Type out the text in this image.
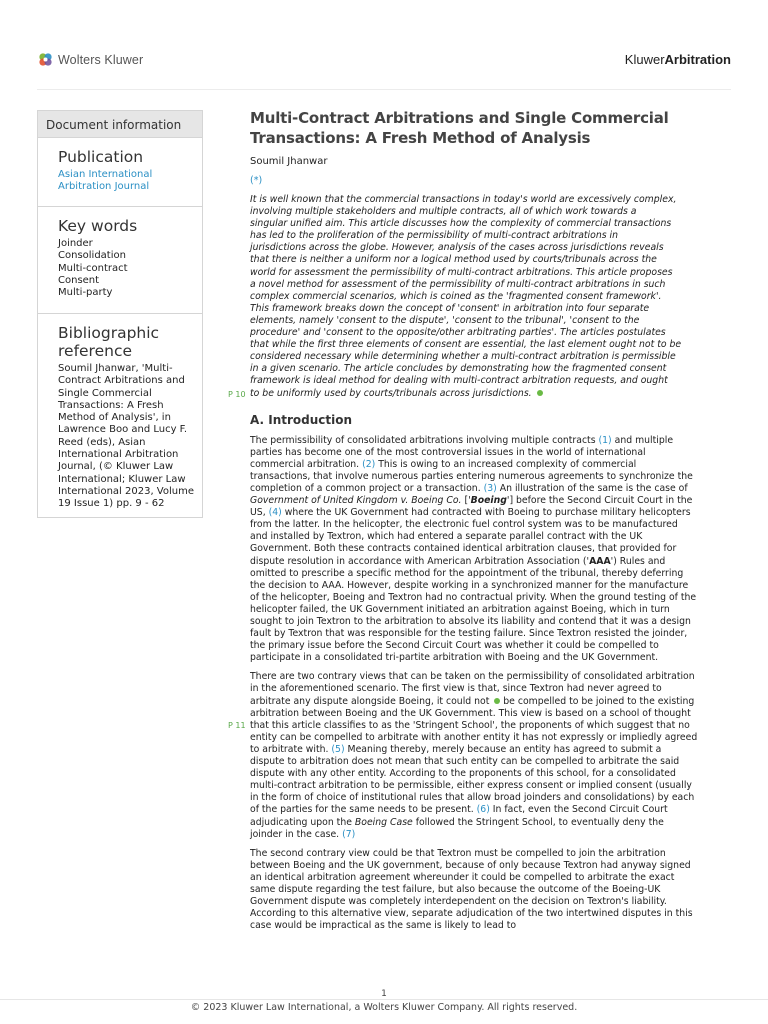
Wolters Kluwer	KluwerArbitration
Document information
Publication
Asian International
Arbitration Journal
Key words
Joinder
Consolidation
Multi-contract
Consent
Multi-party
Bibliographic
reference
Soumil Jhanwar, 'Multi-
Contract Arbitrations and
Single Commercial
Transactions: A Fresh
Method of Analysis', in
Lawrence Boo and Lucy F.
Reed (eds), Asian
International Arbitration
Journal, (© Kluwer Law
International; Kluwer Law
International 2023, Volume
19 Issue 1) pp. 9 - 62
P 10
P 11
Multi-Contract Arbitrations and Single Commercial
Transactions: A Fresh Method of Analysis
Soumil Jhanwar
(*)
It is well known that the commercial transactions in today's world are excessively complex,
involving multiple stakeholders and multiple contracts, all of which work towards a
singular unified aim. This article discusses how the complexity of commercial transactions
has led to the proliferation of the permissibility of multi-contract arbitrations in
jurisdictions across the globe. However, analysis of the cases across jurisdictions reveals
that there is neither a uniform nor a logical method used by courts/tribunals across the
world for assessment the permissibility of multi-contract arbitrations. This article proposes
a novel method for assessment of the permissibility of multi-contract arbitrations in such
complex commercial scenarios, which is coined as the 'fragmented consent framework'.
This framework breaks down the concept of 'consent' in arbitration into four separate
elements, namely 'consent to the dispute', 'consent to the tribunal', 'consent to the
procedure' and 'consent to the opposite/other arbitrating parties'. The articles postulates
that while the first three elements of consent are essential, the last element ought not to be
considered necessary while determining whether a multi-contract arbitration is permissible
in a given scenario. The article concludes by demonstrating how the fragmented consent
framework is ideal method for dealing with multi-contract arbitration requests, and ought
to be uniformly used by courts/tribunals across jurisdictions.
A. Introduction

The permissibility of consolidated arbitrations involving multiple contracts (1) and multiple parties has become one of the most controversial issues in the world of international commercial arbitration. (2) This is owing to an increased complexity of commercial transactions, that involve numerous parties entering numerous agreements to synchronize the completion of a common project or a transaction. (3) An illustration of the same is the case of Government of United Kingdom v. Boeing Co. ['Boeing'] before the Second Circuit Court in the US, (4) where the UK Government had contracted with Boeing to purchase military helicopters from the latter. In the helicopter, the electronic fuel control system was to be manufactured and installed by Textron, which had entered a separate parallel contract with the UK Government. Both these contracts contained identical arbitration clauses, that provided for dispute resolution in accordance with American Arbitration Association ('AAA') Rules and omitted to prescribe a specific method for the appointment of the tribunal, thereby deferring the decision to AAA. However, despite working in a synchronized manner for the manufacture of the helicopter, Boeing and Textron had no contractual privity. When the ground testing of the helicopter failed, the UK Government initiated an arbitration against Boeing, which in turn sought to join Textron to the arbitration to absolve its liability and contend that it was a design fault by Textron that was responsible for the testing failure. Since Textron resisted the joinder, the primary issue before the Second Circuit Court was whether it could be compelled to participate in a consolidated tri-partite arbitration with Boeing and the UK Government.

There are two contrary views that can be taken on the permissibility of consolidated arbitration in the aforementioned scenario. The first view is that, since Textron had never agreed to arbitrate any dispute alongside Boeing, it could not  be compelled to be joined to the existing arbitration between Boeing and the UK Government. This view is based on a school of thought that this article classifies to as the 'Stringent School', the proponents of which suggest that no entity can be compelled to arbitrate with another entity it has not expressly or impliedly agreed to arbitrate with. (5) Meaning thereby, merely because an entity has agreed to submit a dispute to arbitration does not mean that such entity can be compelled to arbitrate the said dispute with any other entity. According to the proponents of this school, for a consolidated multi-contract arbitration to be permissible, either express consent or implied consent (usually in the form of choice of institutional rules that allow broad joinders and consolidations) by each of the parties for the same needs to be present. (6) In fact, even the Second Circuit Court adjudicating upon the Boeing Case followed the Stringent School, to eventually deny the joinder in the case. (7)

The second contrary view could be that Textron must be compelled to join the arbitration between Boeing and the UK government, because of only because Textron had anyway signed an identical arbitration agreement whereunder it could be compelled to arbitrate the exact same dispute regarding the test failure, but also because the outcome of the Boeing-UK Government dispute was completely interdependent on the decision on Textron's liability. According to this alternative view, separate adjudication of the two intertwined disputes in this case would be impractical as the same is likely to lead to

1
© 2023 Kluwer Law International, a Wolters Kluwer Company. All rights reserved.
